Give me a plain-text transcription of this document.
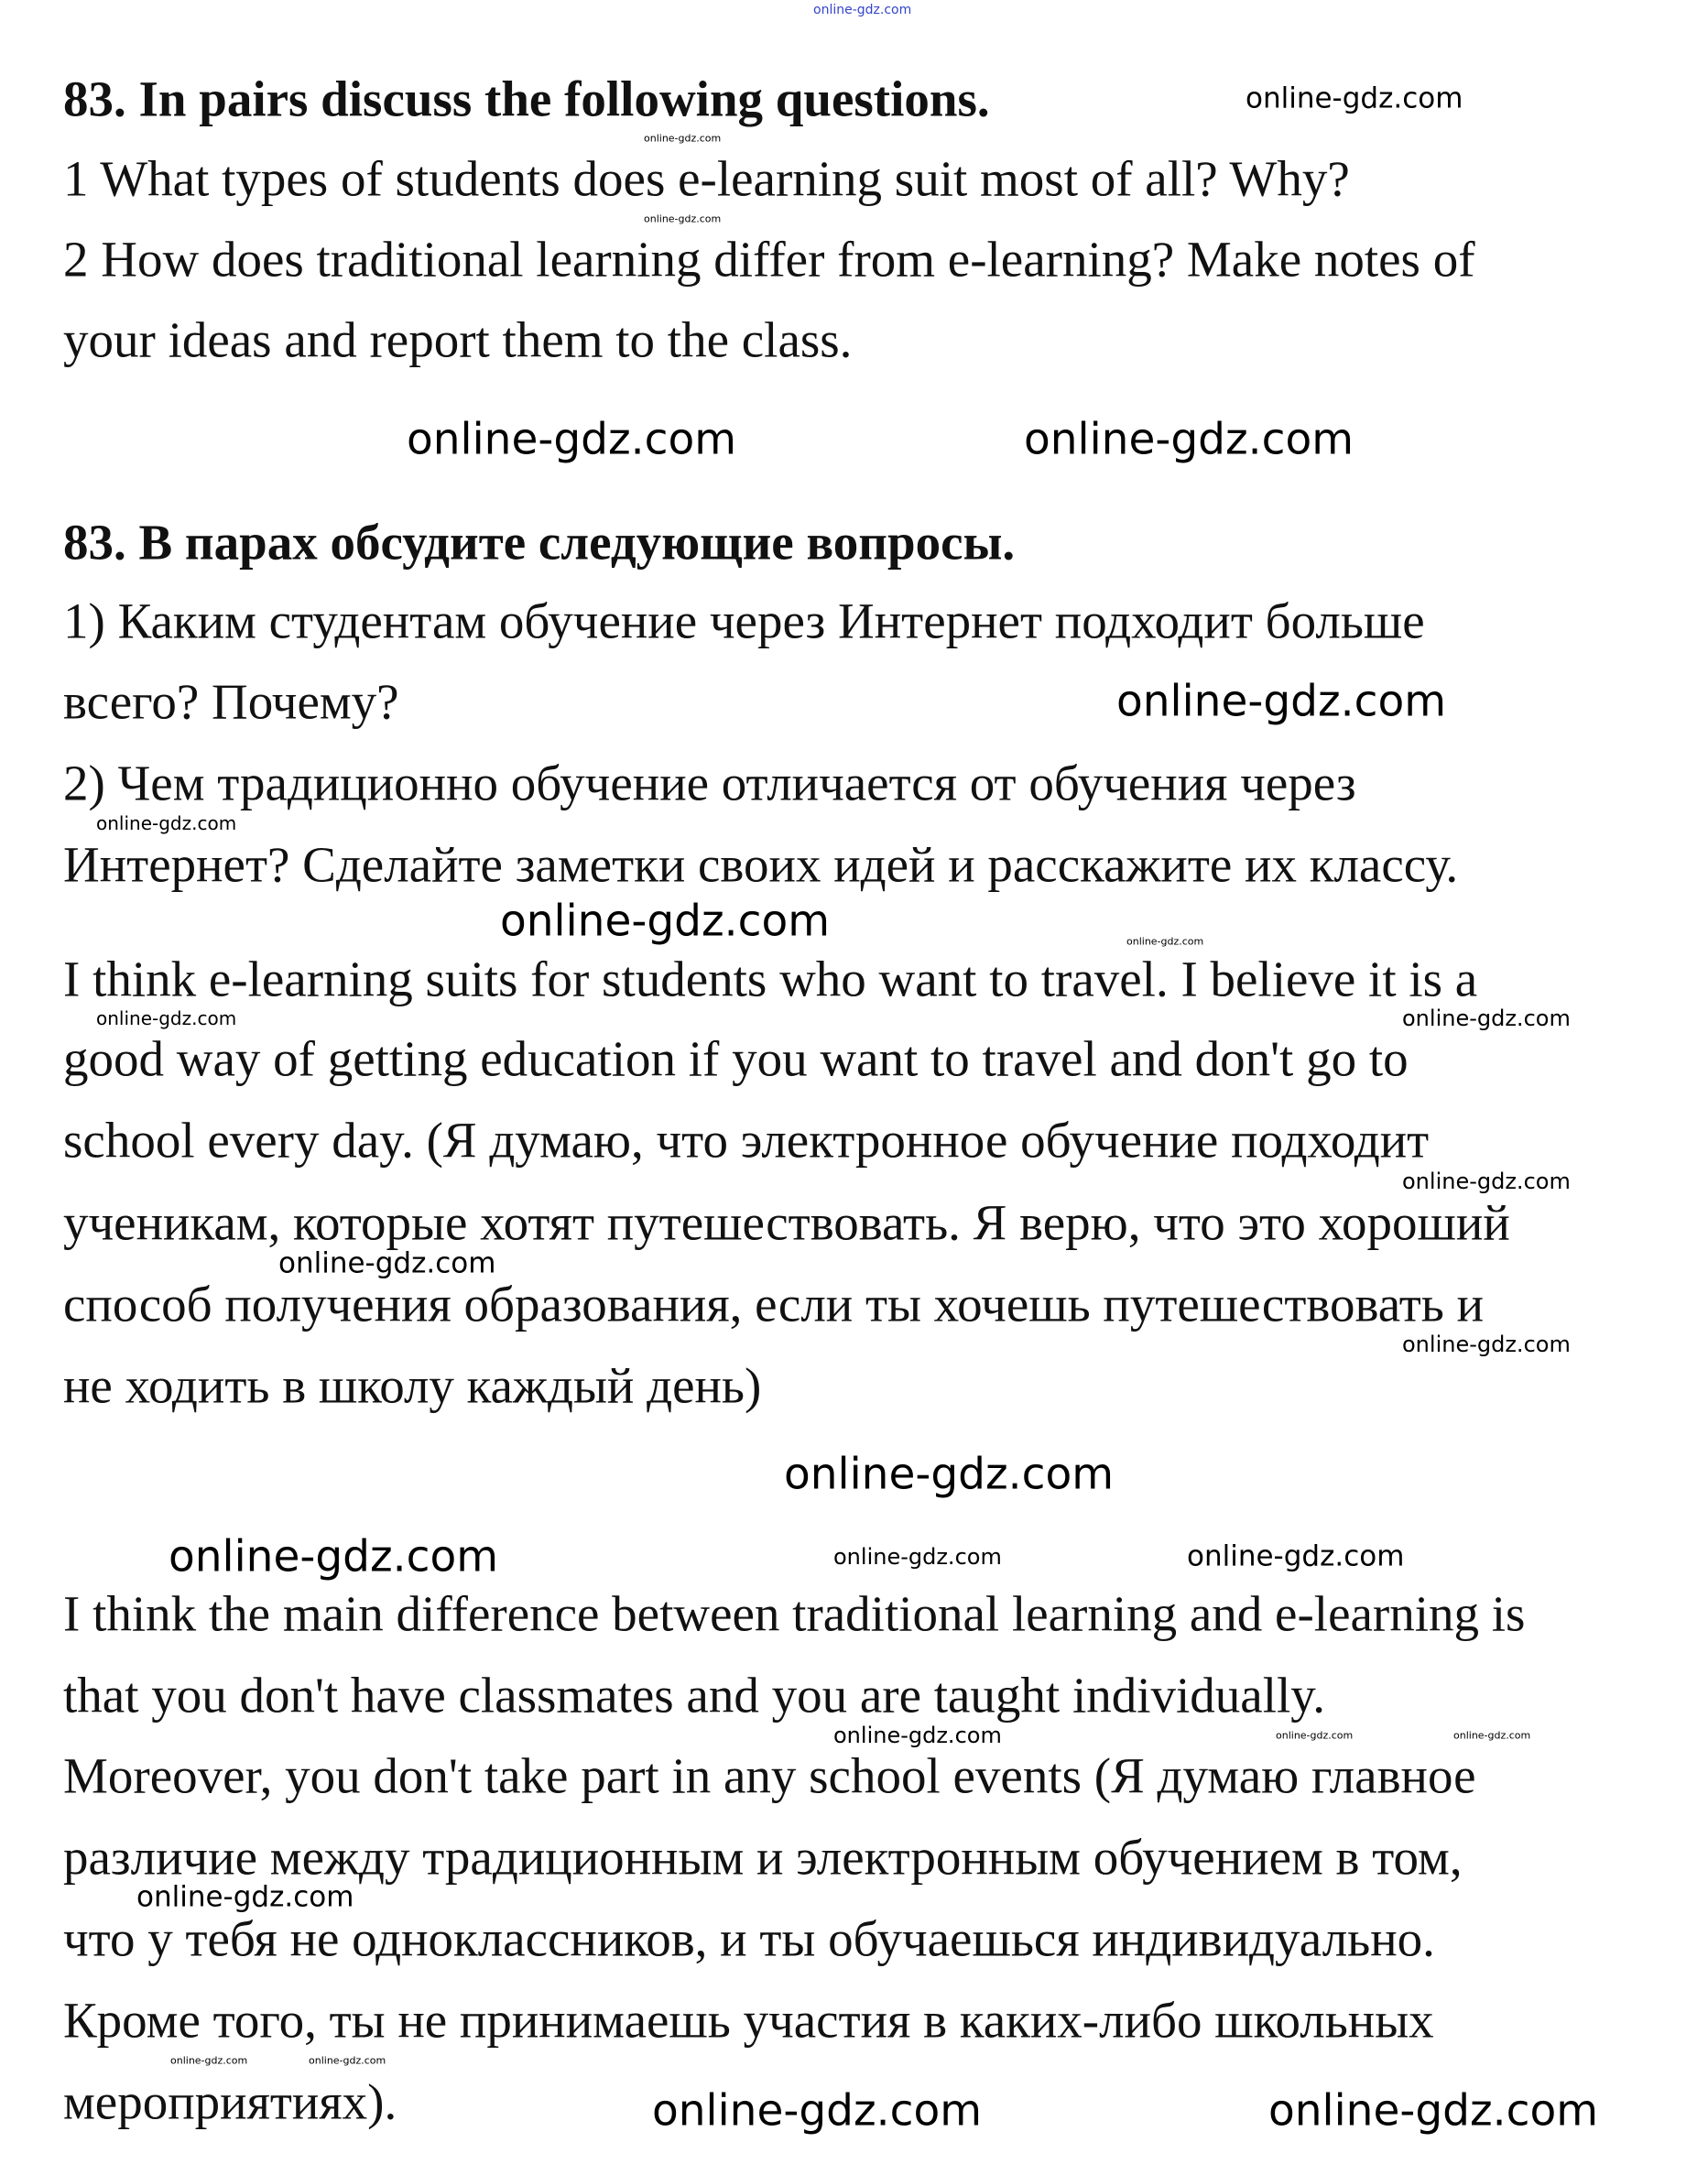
83. In pairs discuss the following questions.
1 What types of students does e-learning suit most of all? Why?
2 How does traditional learning differ from e-learning? Make notes of
your ideas and report them to the class.
83. В парах обсудите следующие вопросы.
1) Каким студентам обучение через Интернет подходит больше
всего? Почему?
2) Чем традиционно обучение отличается от обучения через
Интернет? Сделайте заметки своих идей и расскажите их классу.
I think e-learning suits for students who want to travel. I believe it is a
good way of getting education if you want to travel and don't go to
school every day. (Я думаю, что электронное обучение подходит
ученикам, которые хотят путешествовать. Я верю, что это хороший
способ получения образования, если ты хочешь путешествовать и
не ходить в школу каждый день)
I think the main difference between traditional learning and e-learning is
that you don't have classmates and you are taught individually.
Moreover, you don't take part in any school events (Я думаю главное
различие между традиционным и электронным обучением в том,
что у тебя не одноклассников, и ты обучаешься индивидуально.
Кроме того, ты не принимаешь участия в каких-либо школьных
мероприятиях).
online-gdz.com
online-gdz.com
online-gdz.com
online-gdz.com
online-gdz.com
online-gdz.com
online-gdz.com
online-gdz.com
online-gdz.com	online-gdz.com
online-gdz.com
online-gdz.com
online-gdz.com
online-gdz.com
online-gdz.com
online-gdz.com
online-gdz.com	online-gdz.com	online-gdz.com
online-gdz.com	online-gdz.com	online-gdz.com
online-gdz.com
online-gdz.com	online-gdz.com
online-gdz.com	online-gdz.com
